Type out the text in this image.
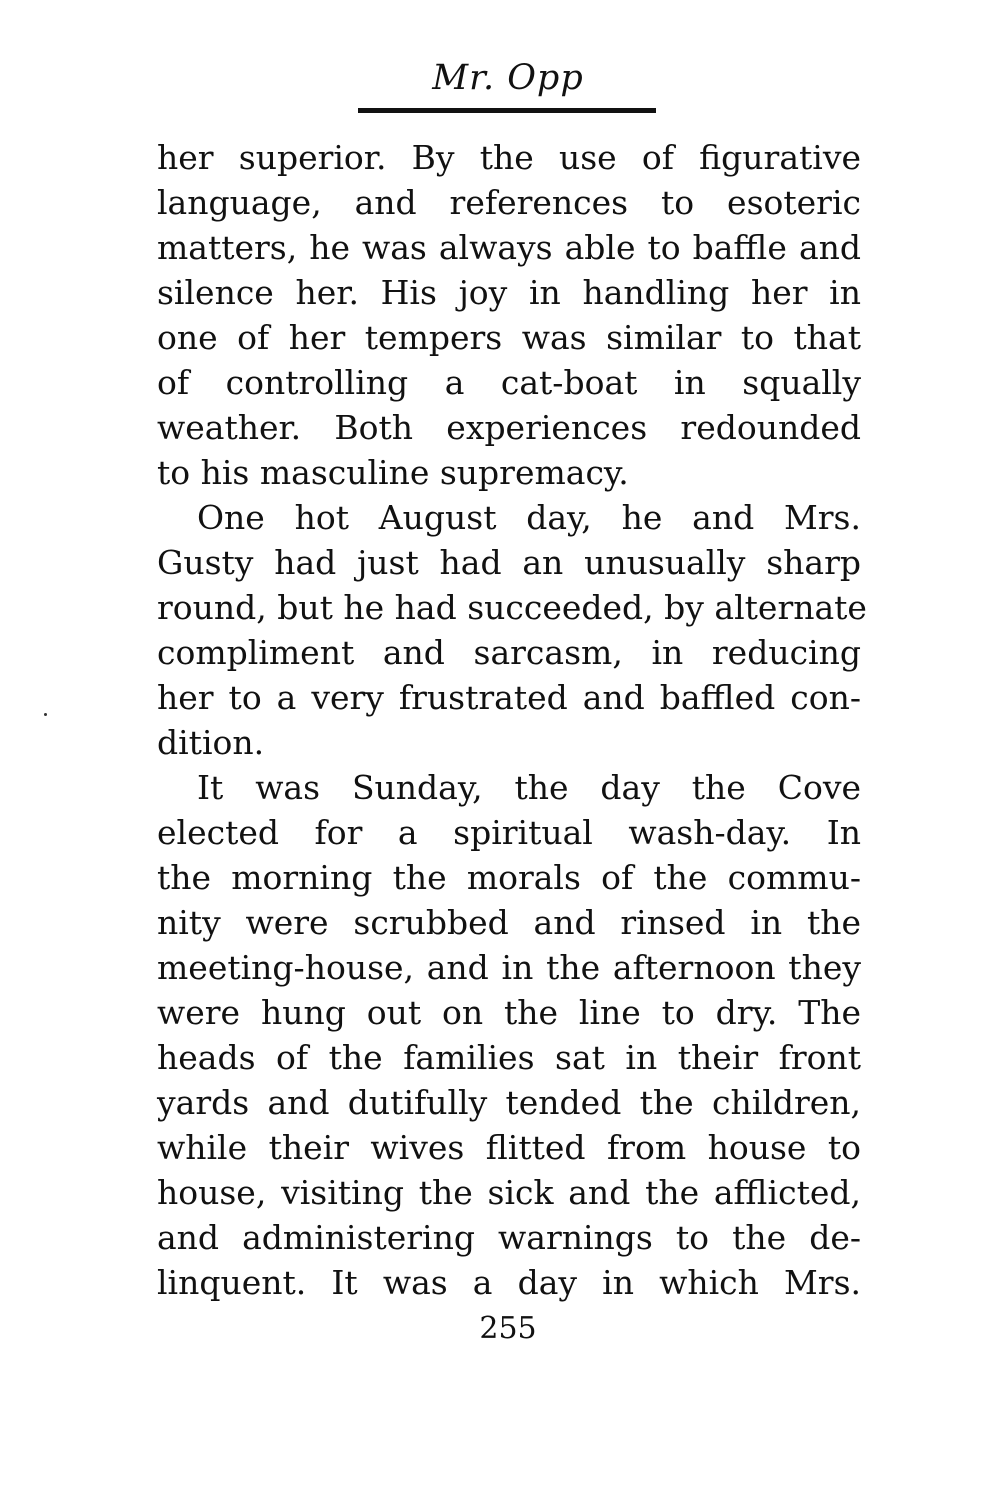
Mr. Opp
her superior. By the use of figurative
language, and references to esoteric
matters, he was always able to baffle and
silence her. His joy in handling her in
one of her tempers was similar to that
of controlling a cat-boat in squally
weather. Both experiences redounded
to his masculine supremacy.
One hot August day, he and Mrs.
Gusty had just had an unusually sharp
round, but he had succeeded, by alternate
compliment and sarcasm, in reducing
her to a very frustrated and baffled con-
dition.
It was Sunday, the day the Cove
elected for a spiritual wash-day. In
the morning the morals of the commu-
nity were scrubbed and rinsed in the
meeting-house, and in the afternoon they
were hung out on the line to dry. The
heads of the families sat in their front
yards and dutifully tended the children,
while their wives flitted from house to
house, visiting the sick and the afflicted,
and administering warnings to the de-
linquent. It was a day in which Mrs.
255
